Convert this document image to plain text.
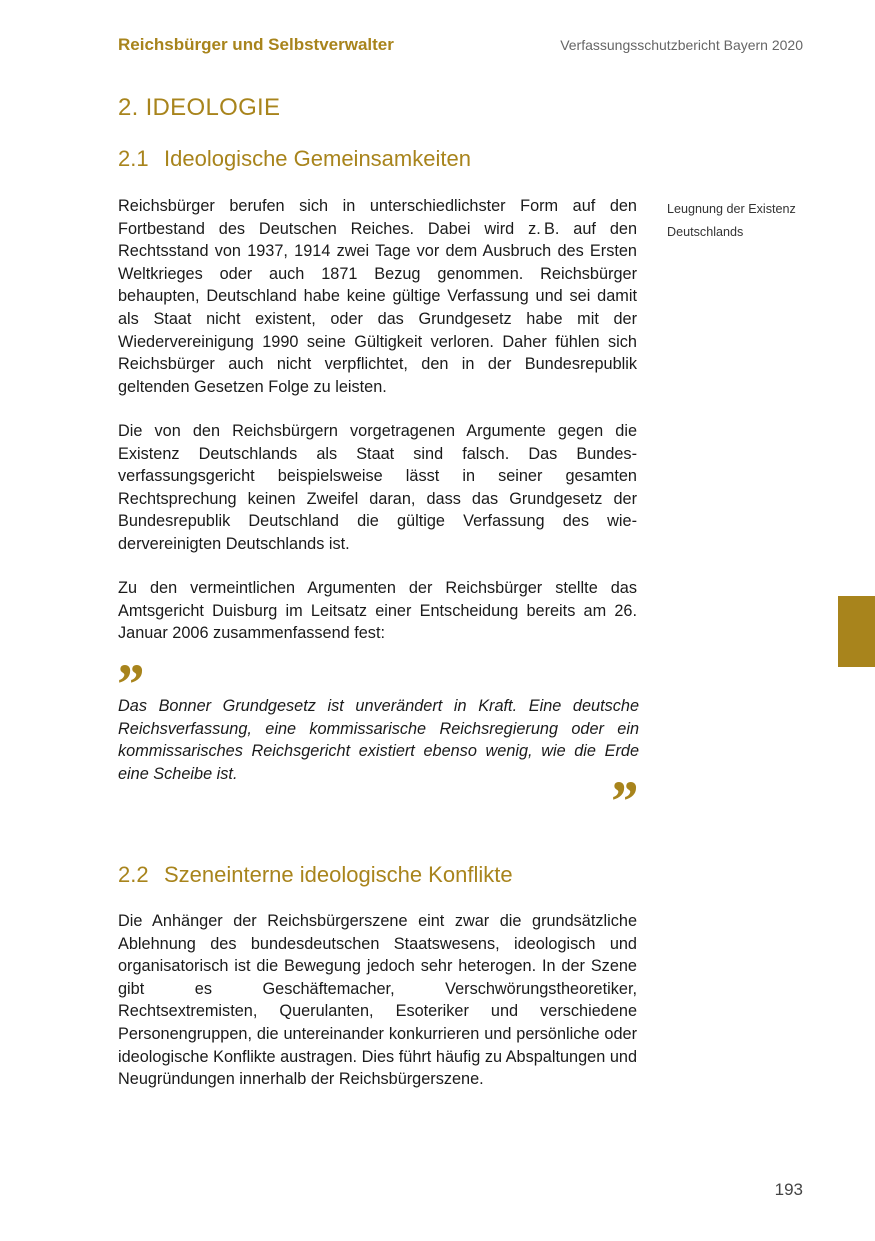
Reichsbürger und Selbstverwalter	Verfassungsschutzbericht Bayern 2020
2. IDEOLOGIE
2.1 Ideologische Gemeinsamkeiten

Reichsbürger berufen sich in unterschiedlichster Form auf den Fortbestand des Deutschen Reiches. Dabei wird z. B. auf den Rechtsstand von 1937, 1914 zwei Tage vor dem Ausbruch des Ersten Weltkrieges oder auch 1871 Bezug genommen. Reichsbürger behaupten, Deutschland habe keine gültige Verfassung und sei damit als Staat nicht existent, oder das Grundgesetz habe mit der Wiedervereinigung 1990 seine Gültigkeit verloren. Daher fühlen sich Reichsbürger auch nicht verpflichtet, den in der Bundesrepublik geltenden Gesetzen Folge zu leisten.

Leugnung der Existenz Deutschlands

Die von den Reichsbürgern vorgetragenen Argumente gegen die Existenz Deutschlands als Staat sind falsch. Das Bundesverfassungsgericht beispielsweise lässt in seiner gesamten Rechtsprechung keinen Zweifel daran, dass das Grundgesetz der Bundesrepublik Deutschland die gültige Verfassung des wiedervereinigten Deutschlands ist.

Zu den vermeintlichen Argumenten der Reichsbürger stellte das Amtsgericht Duisburg im Leitsatz einer Entscheidung bereits am 26. Januar 2006 zusammenfassend fest:

”

Das Bonner Grundgesetz ist unverändert in Kraft. Eine deutsche Reichsverfassung, eine kommissarische Reichsregierung oder ein kommissarisches Reichsgericht existiert ebenso wenig, wie die Erde eine Scheibe ist.	”
2.2 Szeneinterne ideologische Konflikte

Die Anhänger der Reichsbürgerszene eint zwar die grundsätzliche Ablehnung des bundesdeutschen Staatswesens, ideologisch und organisatorisch ist die Bewegung jedoch sehr heterogen. In der Szene gibt es Geschäftemacher, Verschwörungstheoretiker, Rechtsextremisten, Querulanten, Esoteriker und verschiedene Personengruppen, die untereinander konkurrieren und persönliche oder ideologische Konflikte austragen. Dies führt häufig zu Abspaltungen und Neugründungen innerhalb der Reichsbürgerszene.

193
